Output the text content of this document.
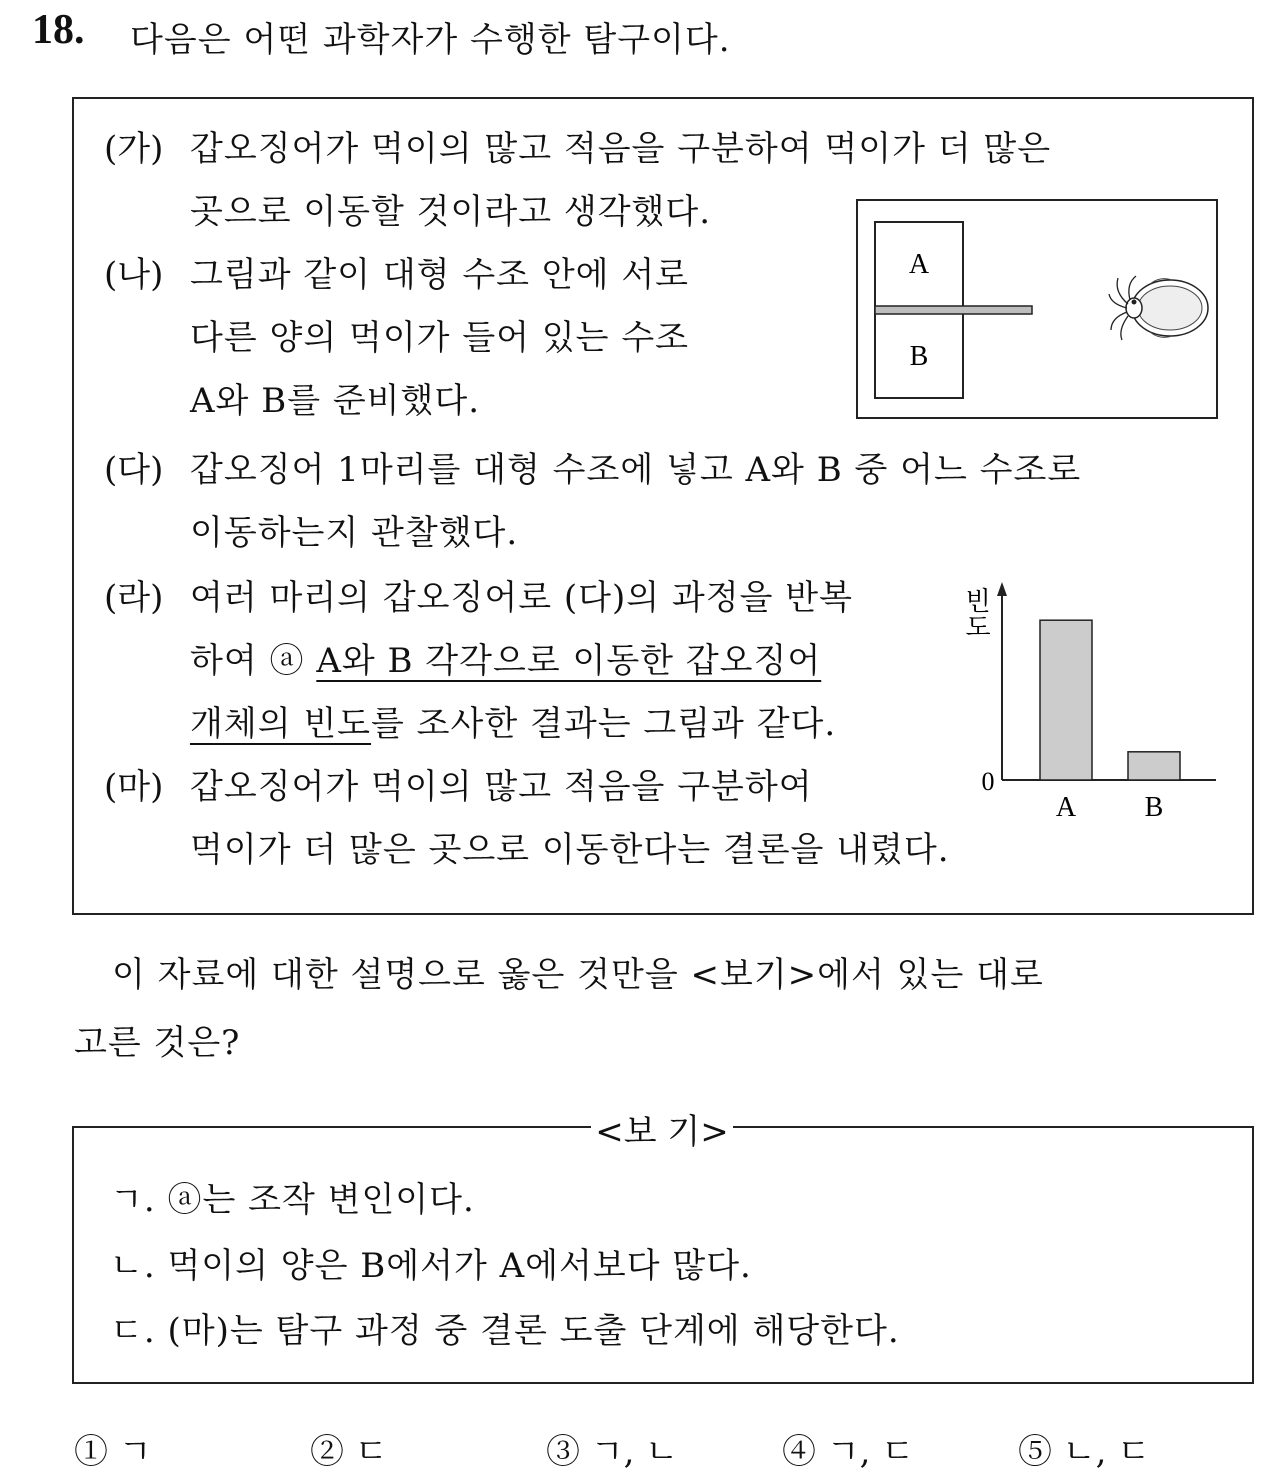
18. 다음은 어떤 과학자가 수행한 탐구이다.
(가) 갑오징어가 먹이의 많고 적음을 구분하여 먹이가 더 많은
곳으로 이동할 것이라고 생각했다.
(나) 그림과 같이 대형 수조 안에 서로
다른 양의 먹이가 들어 있는 수조
A와 B를 준비했다.
A
B
(다) 갑오징어 1마리를 대형 수조에 넣고 A와 B 중 어느 수조로
이동하는지 관찰했다.
(라) 여러 마리의 갑오징어로 (다)의 과정을 반복
하여 ⓐ A와 B 각각으로 이동한 갑오징어
개체의 빈도를 조사한 결과는 그림과 같다.
빈
도
0
A B
(마) 갑오징어가 먹이의 많고 적음을 구분하여
먹이가 더 많은 곳으로 이동한다는 결론을 내렸다.
이 자료에 대한 설명으로 옳은 것만을 <보기>에서 있는 대로
고른 것은?
<보 기>
ㄱ. ⓐ는 조작 변인이다.
ㄴ. 먹이의 양은 B에서가 A에서보다 많다.
ㄷ. (마)는 탐구 과정 중 결론 도출 단계에 해당한다.
① ㄱ	② ㄷ	③ ㄱ, ㄴ	④ ㄱ, ㄷ	⑤ ㄴ, ㄷ
